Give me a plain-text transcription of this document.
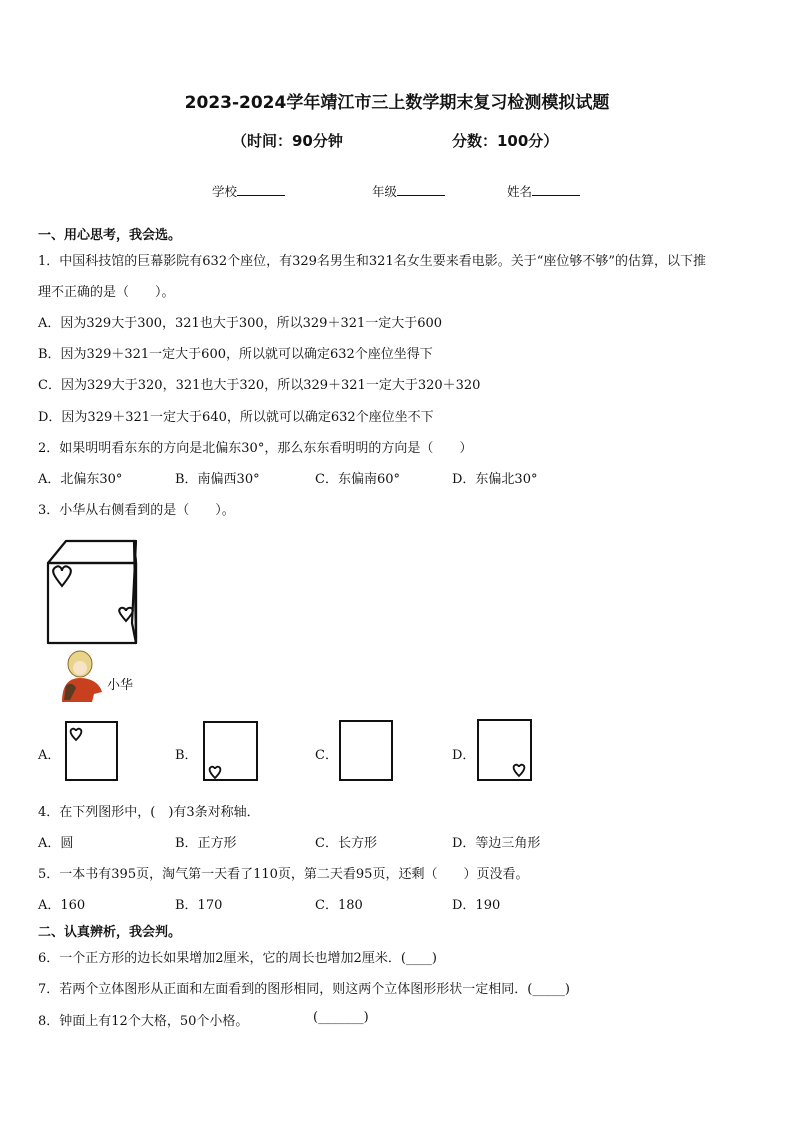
2023-2024学年靖江市三上数学期末复习检测模拟试题
（时间：90分钟	分数：100分）
学校	年级	姓名
一、用心思考，我会选。
1．中国科技馆的巨幕影院有632个座位，有329名男生和321名女生要来看电影。关于“座位够不够”的估算，以下推
理不正确的是（　　）。
A．因为329大于300，321也大于300，所以329＋321一定大于600
B．因为329＋321一定大于600，所以就可以确定632个座位坐得下
C．因为329大于320，321也大于320，所以329＋321一定大于320＋320
D．因为329＋321一定大于640，所以就可以确定632个座位坐不下
2．如果明明看东东的方向是北偏东30°，那么东东看明明的方向是（　　）
A．北偏东30°	B．南偏西30°	C．东偏南60°	D．东偏北30°
3．小华从右侧看到的是（　　）。
小华
A．	B．	C．	D．
4．在下列图形中，(　)有3条对称轴．
A．圆	B．正方形	C．长方形	D．等边三角形
5．一本书有395页，淘气第一天看了110页，第二天看95页，还剩（　　）页没看。
A．160	B．170	C．180	D．190
二、认真辨析，我会判。
6．一个正方形的边长如果增加2厘米，它的周长也增加2厘米．(____)
7．若两个立体图形从正面和左面看到的图形相同，则这两个立体图形形状一定相同．(_____)
8．钟面上有12个大格，50个小格。	(_______)
